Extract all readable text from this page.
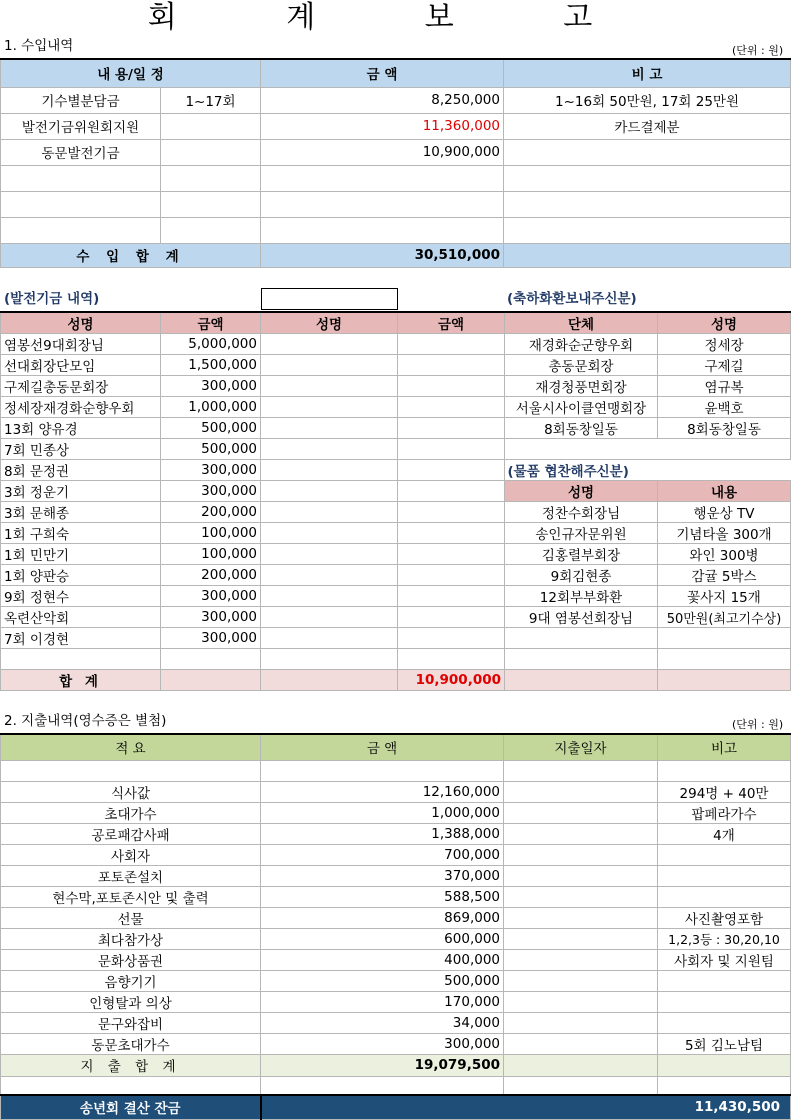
회 계 보 고
1. 수입내역	(단위 : 원)
내 용/일 정		금 액	비 고
기수별분담금	1~17회	8,250,000	1~16회 50만원, 17회 25만원
발전기금위원회지원		11,360,000	카드결제분
동문발전기금		10,900,000	

수 입 합 계		30,510,000	
(발전기금 내역)	(축하화환보내주신분)
성명	금액	성명	금액
염봉선9대회장님	5,000,000		
선대회장단모임	1,500,000		
구제길총동문회장	300,000		
정세장재경화순향우회	1,000,000		
13회 양유경	500,000		
7회 민종상	500,000		
8회 문정권	300,000		
3회 정운기	300,000		
3회 문해종	200,000		
1회 구희숙	100,000		
1회 민만기	100,000		
1회 양판승	200,000		
9회 정현수	300,000		
옥련산악회	300,000		
7회 이경현	300,000		

합 계			10,900,000
단체	성명
재경화순군향우회	정세장
총동문회장	구제길
재경청풍면회장	염규복
서울시사이클연맹회장	윤백호
8회동창일동	8회동창일동

(물품 협찬해주신분)	
성명	내용
정찬수회장님	행운상 TV
송인규자문위원	기념타올 300개
김홍렬부회장	와인 300병
9회김현종	감귤 5박스
12회부부화환	꽃사지 15개
9대 염봉선회장님	50만원(최고기수상)

2. 지출내역(영수증은 별첨)	(단위 : 원)
적 요	금 액	지출일자	비고

식사값	12,160,000		294명 + 40만
초대가수	1,000,000		팝페라가수
공로패감사패	1,388,000		4개
사회자	700,000		
포토존설치	370,000		
현수막,포토존시안 및 출력	588,500		
선물	869,000		사진촬영포함
최다참가상	600,000		1,2,3등 : 30,20,10
문화상품권	400,000		사회자 및 지원팀
음향기기	500,000		
인형탈과 의상	170,000		
문구와잡비	34,000		
동문초대가수	300,000		5회 김노남팀
지 출 합 계	19,079,500		

송년회 결산 잔금	11,430,500
